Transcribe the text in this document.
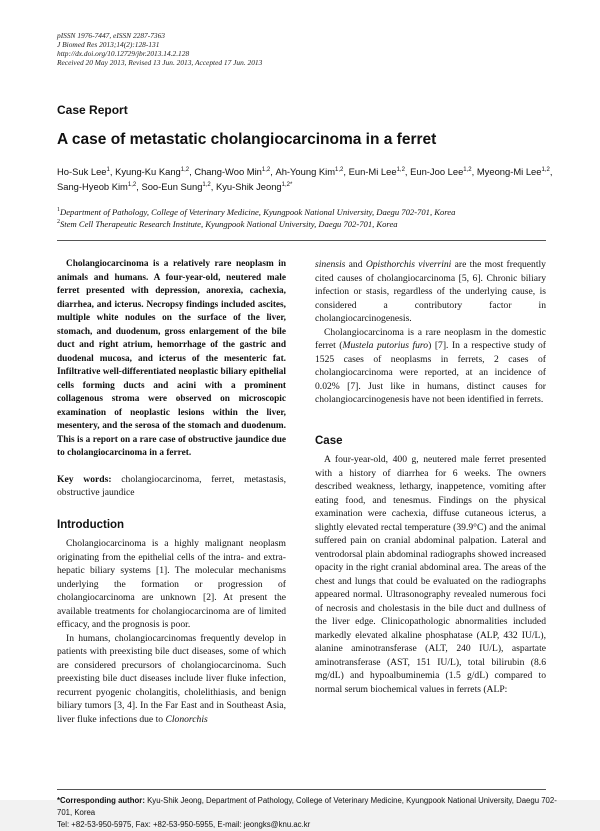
pISSN 1976-7447, eISSN 2287-7363
J Biomed Res 2013;14(2):128-131
http://dx.doi.org/10.12729/jbr.2013.14.2.128
Received 20 May 2013, Revised 13 Jun. 2013, Accepted 17 Jun. 2013
Case Report
A case of metastatic cholangiocarcinoma in a ferret
Ho-Suk Lee$^1$, Kyung-Ku Kang$^{1,2}$, Chang-Woo Min$^{1,2}$, Ah-Young Kim$^{1,2}$, Eun-Mi Lee$^{1,2}$, Eun-Joo Lee$^{1,2}$, Myeong-Mi Lee$^{1,2}$,
Sang-Hyeob Kim$^{1,2}$, Soo-Eun Sung$^{1,2}$, Kyu-Shik Jeong$^{1,2*}$
$^1$Department of Pathology, College of Veterinary Medicine, Kyungpook National University, Daegu 702-701, Korea
$^2$Stem Cell Therapeutic Research Institute, Kyungpook National University, Daegu 702-701, Korea

Cholangiocarcinoma is a relatively rare neoplasm in animals and humans. A four-year-old, neutered male ferret presented with depression, anorexia, cachexia, diarrhea, and icterus. Necropsy findings included ascites, multiple white nodules on the surface of the liver, stomach, and duodenum, gross enlargement of the bile duct and right atrium, hemorrhage of the gastric and duodenal mucosa, and icterus of the mesenteric fat. Infiltrative well-differentiated neoplastic biliary epithelial cells forming ducts and acini with a prominent collagenous stroma were observed on microscopic examination of neoplastic lesions within the liver, mesentery, and the serosa of the stomach and duodenum. This is a report on a rare case of obstructive jaundice due to cholangiocarcinoma in a ferret.

Key words: cholangiocarcinoma, ferret, metastasis, obstructive jaundice
Introduction

Cholangiocarcinoma is a highly malignant neoplasm originating from the epithelial cells of the intra- and extra-hepatic biliary systems [1]. The molecular mechanisms underlying the formation or progression of cholangiocarcinoma are unknown [2]. At present the available treatments for cholangiocarcinoma are of limited efficacy, and the prognosis is poor.

In humans, cholangiocarcinomas frequently develop in patients with preexisting bile duct diseases, some of which are considered precursors of cholangiocarcinoma. Such preexisting bile duct diseases include liver fluke infection, recurrent pyogenic cholangitis, cholelithiasis, and benign biliary tumors [3, 4]. In the Far East and in Southeast Asia, liver fluke infections due to Clonorchis

sinensis and Opisthorchis viverrini are the most frequently cited causes of cholangiocarcinoma [5, 6]. Chronic biliary infection or stasis, regardless of the underlying cause, is considered a contributory factor in cholangiocarcinogenesis.

Cholangiocarcinoma is a rare neoplasm in the domestic ferret (Mustela putorius furo) [7]. In a respective study of 1525 cases of neoplasms in ferrets, 2 cases of cholangiocarcinoma were reported, at an incidence of 0.02% [7]. Just like in humans, distinct causes for cholangiocarcinogenesis have not been identified in ferrets.

Case

A four-year-old, 400 g, neutered male ferret presented with a history of diarrhea for 6 weeks. The owners described weakness, lethargy, inappetence, vomiting after eating food, and tenesmus. Findings on the physical examination were cachexia, diffuse cutaneous icterus, a slightly elevated rectal temperature (39.9°C) and the animal suffered pain on cranial abdominal palpation. Lateral and ventrodorsal plain abdominal radiographs showed increased opacity in the right cranial abdominal area. The areas of the chest and lungs that could be evaluated on the radiographs appeared normal. Ultrasonography revealed numerous foci of necrosis and cholestasis in the bile duct and dullness of the liver edge. Clinicopathologic abnormalities included markedly elevated alkaline phosphatase (ALP, 432 IU/L), alanine aminotransferase (ALT, 240 IU/L), aspartate aminotransferase (AST, 151 IU/L), total bilirubin (8.6 mg/dL) and hypoalbuminemia (1.5 g/dL) compared to normal serum biochemical values in ferrets (ALP:

*Corresponding author: Kyu-Shik Jeong, Department of Pathology, College of Veterinary Medicine, Kyungpook National University, Daegu 702-701, Korea
Tel: +82-53-950-5975, Fax: +82-53-950-5955, E-mail: jeongks@knu.ac.kr
